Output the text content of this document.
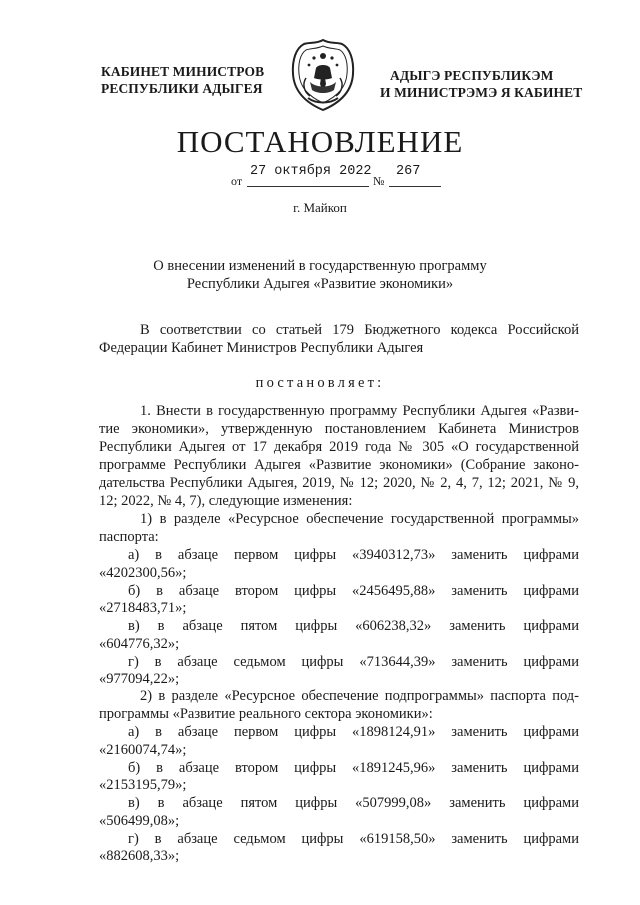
КАБИНЕТ МИНИСТРОВ
РЕСПУБЛИКИ АДЫГЕЯ
АДЫГЭ РЕСПУБЛИКЭМ
И МИНИСТРЭМЭ Я КАБИНЕТ
ПОСТАНОВЛЕНИЕ
от
27 октября 2022
№
267
г. Майкоп
О внесении изменений в государственную программу
Республики Адыгея «Развитие экономики»
В соответствии со статьей 179 Бюджетного кодекса Российской
Федерации Кабинет Министров Республики Адыгея
постановляет:
1. Внести в государственную программу Республики Адыгея «Разви-
тие экономики», утвержденную постановлением Кабинета Министров
Республики Адыгея от 17 декабря 2019 года № 305 «О государственной
программе Республики Адыгея «Развитие экономики» (Собрание законо-
дательства Республики Адыгея, 2019, № 12; 2020, № 2, 4, 7, 12; 2021, № 9,
12; 2022, № 4, 7), следующие изменения:
1) в разделе «Ресурсное обеспечение государственной программы»
паспорта:
а) в абзаце первом цифры «3940312,73» заменить цифрами
«4202300,56»;
б) в абзаце втором цифры «2456495,88» заменить цифрами
«2718483,71»;
в) в абзаце пятом цифры «606238,32» заменить цифрами
«604776,32»;
г) в абзаце седьмом цифры «713644,39» заменить цифрами
«977094,22»;
2) в разделе «Ресурсное обеспечение подпрограммы» паспорта под-
программы «Развитие реального сектора экономики»:
а) в абзаце первом цифры «1898124,91» заменить цифрами
«2160074,74»;
б) в абзаце втором цифры «1891245,96» заменить цифрами
«2153195,79»;
в) в абзаце пятом цифры «507999,08» заменить цифрами
«506499,08»;
г) в абзаце седьмом цифры «619158,50» заменить цифрами
«882608,33»;
